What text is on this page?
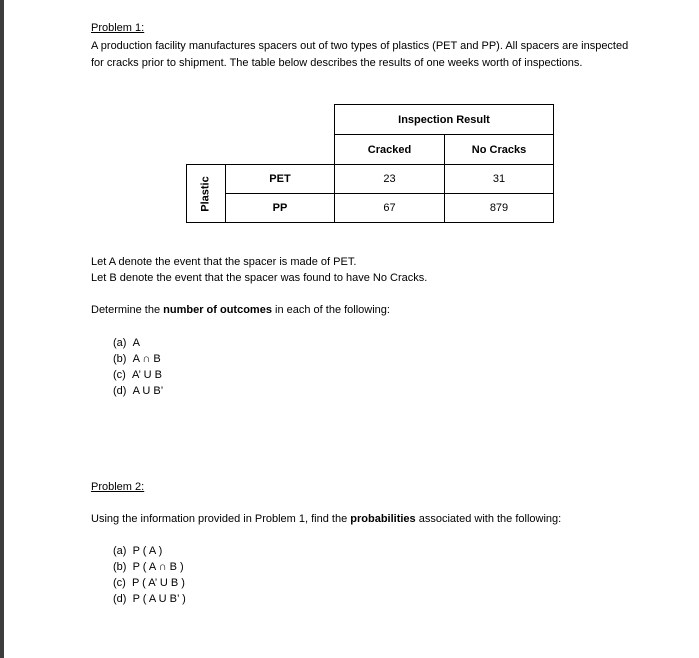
Problem 1:
A production facility manufactures spacers out of two types of plastics (PET and PP). All spacers are inspected for cracks prior to shipment. The table below describes the results of one weeks worth of inspections.
Inspection Result
Cracked	No Cracks
Plastic	PET	23	31
PP	67	879
Let A denote the event that the spacer is made of PET.
Let B denote the event that the spacer was found to have No Cracks.
Determine the number of outcomes in each of the following:
(a) A
(b) A ∩ B
(c) A’ U B
(d) A U B’
Problem 2:
Using the information provided in Problem 1, find the probabilities associated with the following:
(a) P ( A )
(b) P ( A ∩ B )
(c) P ( A’ U B )
(d) P ( A U B’ )
